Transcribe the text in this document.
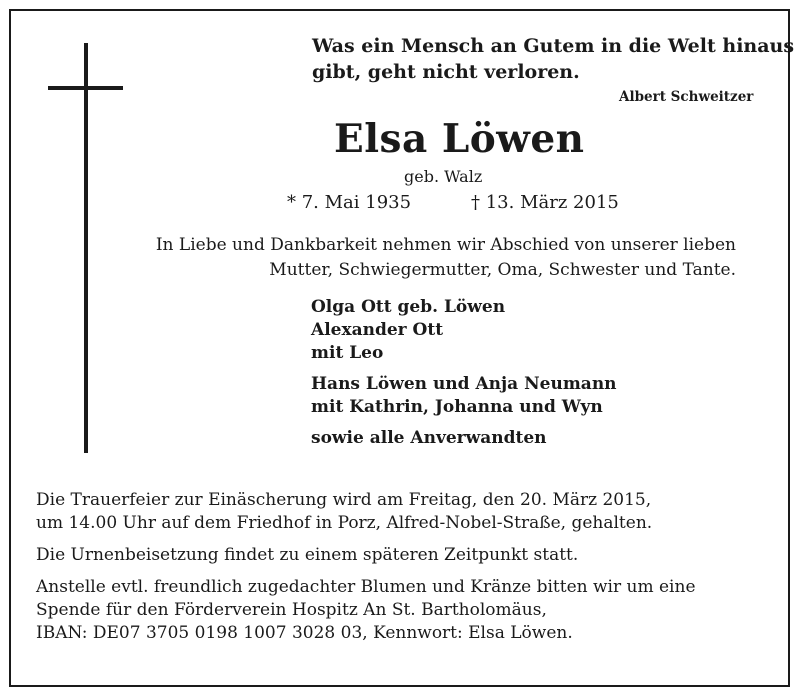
Was ein Mensch an Gutem in die Welt hinaus
gibt, geht nicht verloren.
Albert Schweitzer
Elsa Löwen
geb. Walz
* 7. Mai 1935	† 13. März 2015
In Liebe und Dankbarkeit nehmen wir Abschied von unserer lieben
Mutter, Schwiegermutter, Oma, Schwester und Tante.
Olga Ott geb. Löwen
Alexander Ott
mit Leo
Hans Löwen und Anja Neumann
mit Kathrin, Johanna und Wyn
sowie alle Anverwandten

Die Trauerfeier zur Einäscherung wird am Freitag, den 20. März 2015,
um 14.00 Uhr auf dem Friedhof in Porz, Alfred-Nobel-Straße, gehalten.

Die Urnenbeisetzung findet zu einem späteren Zeitpunkt statt.

Anstelle evtl. freundlich zugedachter Blumen und Kränze bitten wir um eine
Spende für den Förderverein Hospitz An St. Bartholomäus,
IBAN: DE07 3705 0198 1007 3028 03, Kennwort: Elsa Löwen.
